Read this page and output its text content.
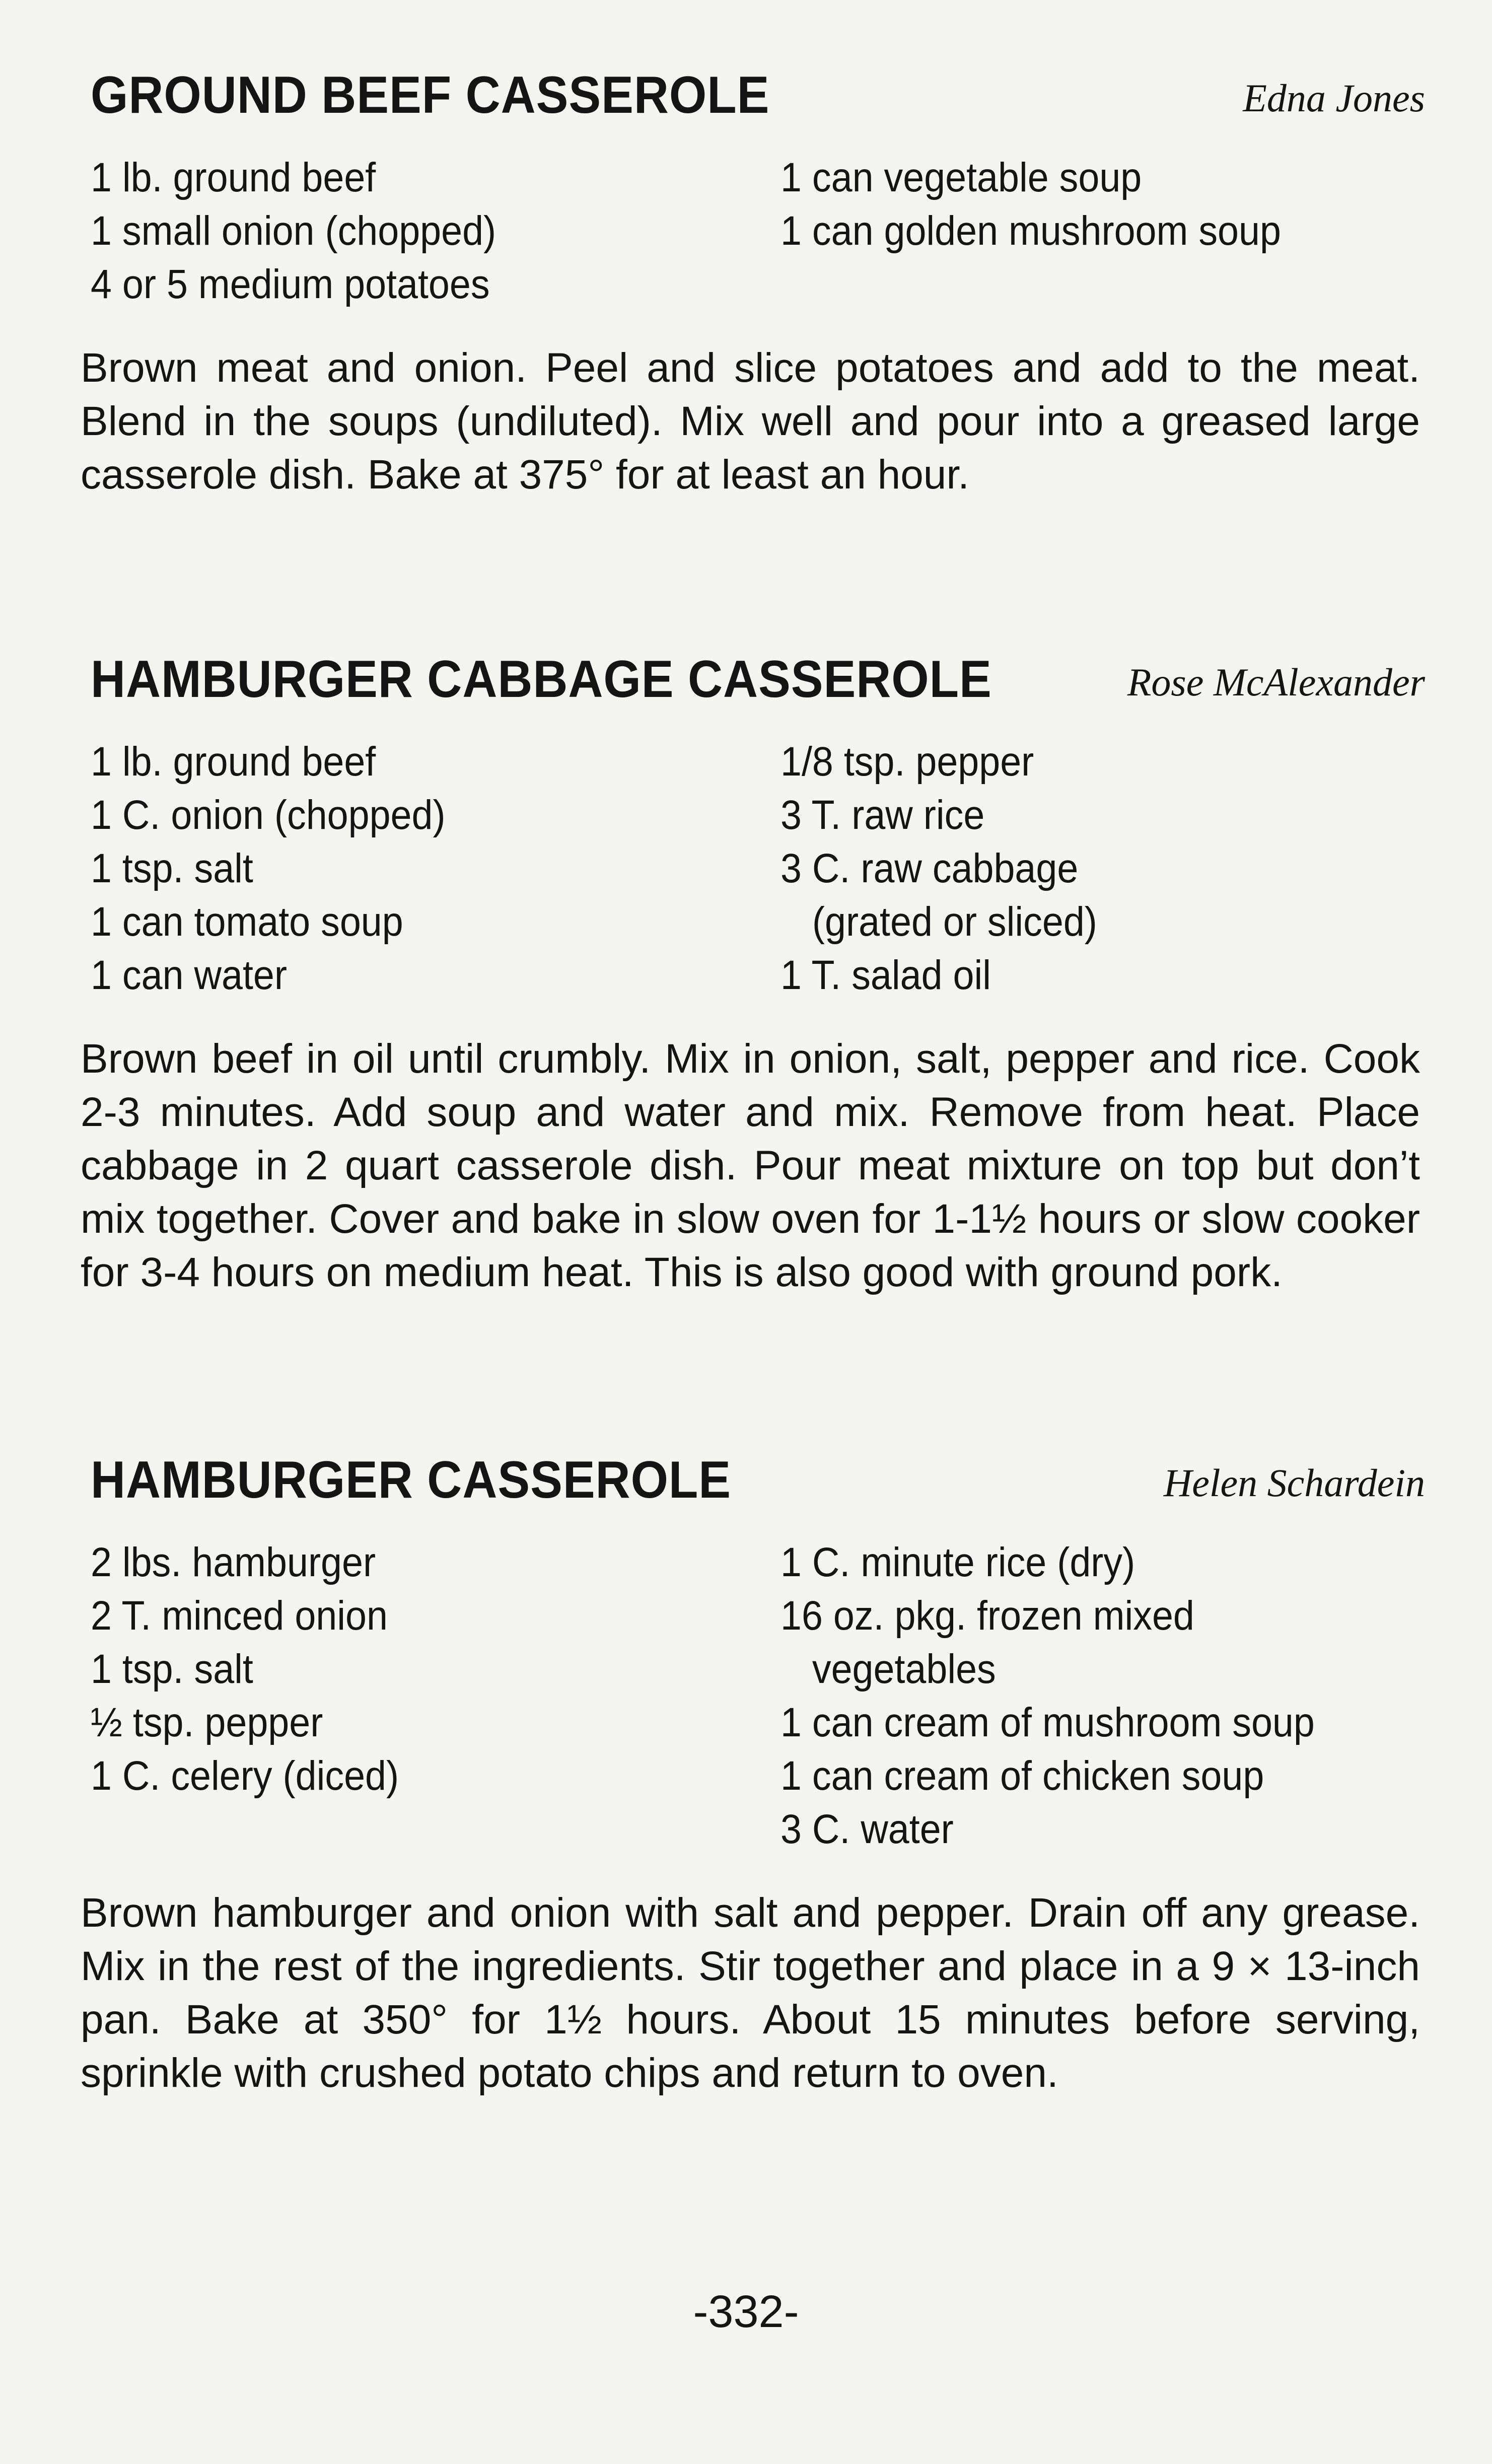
GROUND BEEF CASSEROLE	Edna Jones
1 lb. ground beef
1 small onion (chopped)
4 or 5 medium potatoes
1 can vegetable soup
1 can golden mushroom soup

Brown meat and onion. Peel and slice potatoes and add to the meat. Blend in the soups (undiluted). Mix well and pour into a greased large casserole dish. Bake at 375° for at least an hour.

HAMBURGER CABBAGE CASSEROLE	Rose McAlexander
1 lb. ground beef
1 C. onion (chopped)
1 tsp. salt
1 can tomato soup
1 can water
1/8 tsp. pepper
3 T. raw rice
3 C. raw cabbage
(grated or sliced)
1 T. salad oil

Brown beef in oil until crumbly. Mix in onion, salt, pepper and rice. Cook 2-3 minutes. Add soup and water and mix. Remove from heat. Place cabbage in 2 quart casserole dish. Pour meat mixture on top but don’t mix together. Cover and bake in slow oven for 1-1½ hours or slow cooker for 3-4 hours on medium heat. This is also good with ground pork.

HAMBURGER CASSEROLE	Helen Schardein
2 lbs. hamburger
2 T. minced onion
1 tsp. salt
½ tsp. pepper
1 C. celery (diced)
1 C. minute rice (dry)
16 oz. pkg. frozen mixed
vegetables
1 can cream of mushroom soup
1 can cream of chicken soup
3 C. water

Brown hamburger and onion with salt and pepper. Drain off any grease. Mix in the rest of the ingredients. Stir together and place in a 9 × 13-inch pan. Bake at 350° for 1½ hours. About 15 minutes before serving, sprinkle with crushed potato chips and return to oven.

-332-
